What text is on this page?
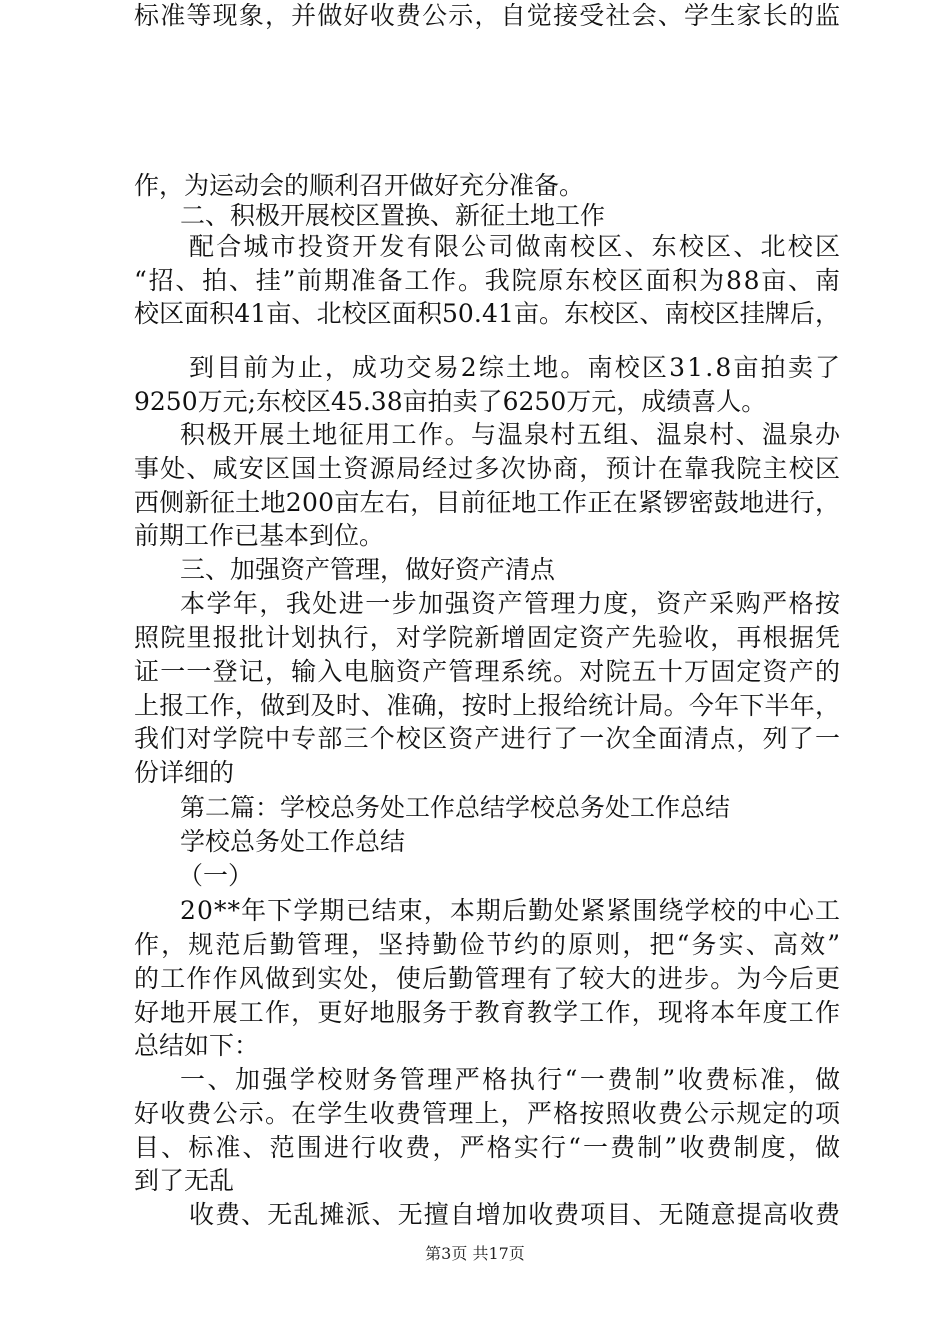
作，为运动会的顺利召开做好充分准备。
二、积极开展校区置换、新征土地工作
配合城市投资开发有限公司做南校区、东校区、北校区
“招、拍、挂”前期准备工作。我院原东校区面积为88亩、南
校区面积41亩、北校区面积50.41亩。东校区、南校区挂牌后，
到目前为止，成功交易2综土地。南校区31.8亩拍卖了
9250万元;东校区45.38亩拍卖了6250万元，成绩喜人。
积极开展土地征用工作。与温泉村五组、温泉村、温泉办
事处、咸安区国土资源局经过多次协商，预计在靠我院主校区
西侧新征土地200亩左右，目前征地工作正在紧锣密鼓地进行，
前期工作已基本到位。
三、加强资产管理，做好资产清点
本学年，我处进一步加强资产管理力度，资产采购严格按
照院里报批计划执行，对学院新增固定资产先验收，再根据凭
证一一登记，输入电脑资产管理系统。对院五十万固定资产的
上报工作，做到及时、准确，按时上报给统计局。今年下半年，
我们对学院中专部三个校区资产进行了一次全面清点，列了一
份详细的
第二篇：学校总务处工作总结学校总务处工作总结
学校总务处工作总结
（一）
20**年下学期已结束，本期后勤处紧紧围绕学校的中心工
作，规范后勤管理，坚持勤俭节约的原则，把“务实、高效”
的工作作风做到实处，使后勤管理有了较大的进步。为今后更
好地开展工作，更好地服务于教育教学工作，现将本年度工作
总结如下：
一、加强学校财务管理严格执行“一费制”收费标准，做
好收费公示。在学生收费管理上，严格按照收费公示规定的项
目、标准、范围进行收费，严格实行“一费制”收费制度，做
到了无乱
收费、无乱摊派、无擅自增加收费项目、无随意提高收费
标准等现象，并做好收费公示，自觉接受社会、学生家长的监
第3页 共17页
